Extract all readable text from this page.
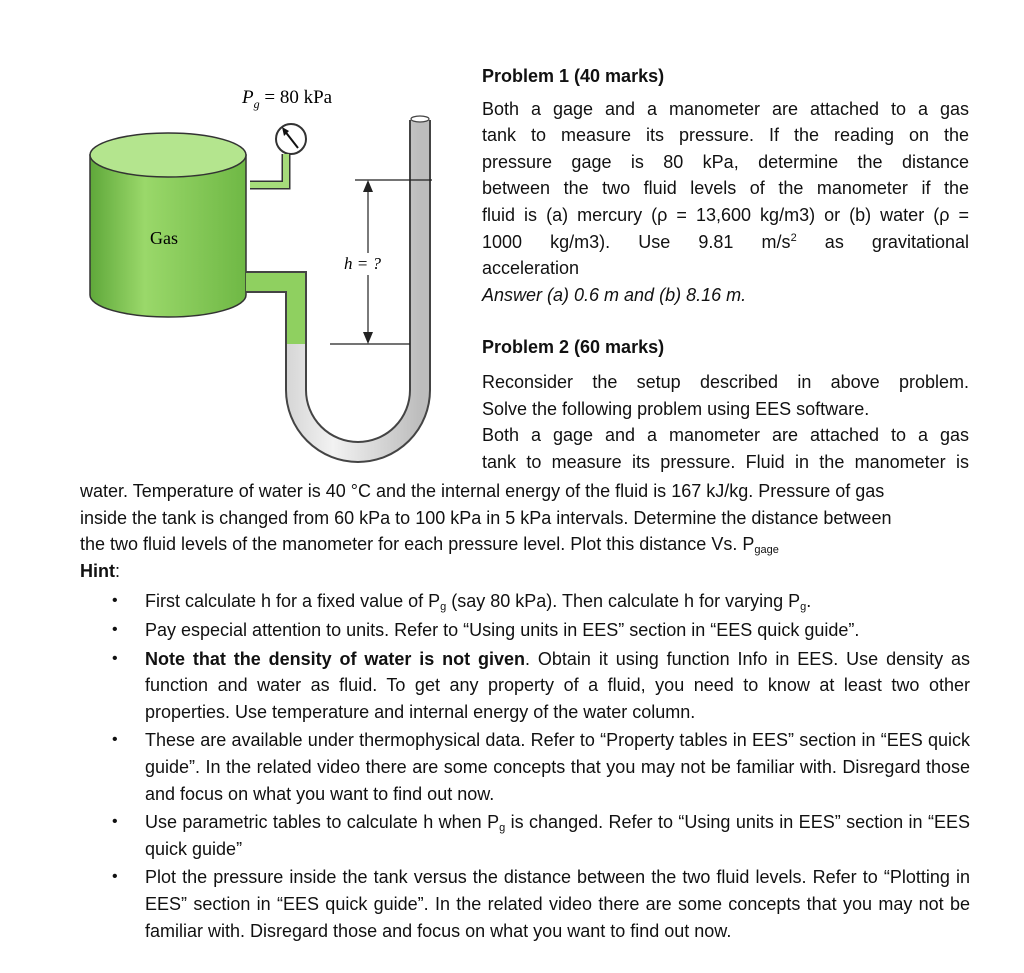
$P_g = 80$ kPa
Gas
h = ?

Problem 1 (40 marks)

Both a gage and a manometer are attached to a gas

tank to measure its pressure. If the reading on the

pressure gage is 80 kPa, determine the distance

between the two fluid levels of the manometer if the

fluid is (a) mercury (ρ = 13,600 kg/m3) or (b) water (ρ =

1000 kg/m3). Use 9.81 $m/s^2$ as gravitational

acceleration

Answer (a) 0.6 m and (b) 8.16 m.

Problem 2 (60 marks)

Reconsider the setup described in above problem.

Solve the following problem using EES software.

Both a gage and a manometer are attached to a gas

tank to measure its pressure. Fluid in the manometer is

water. Temperature of water is 40 °C and the internal energy of the fluid is 167 kJ/kg. Pressure of gas

inside the tank is changed from 60 kPa to 100 kPa in 5 kPa intervals. Determine the distance between

the two fluid levels of the manometer for each pressure level. Plot this distance Vs. $P_{gage}$

Hint:

• First calculate h for a fixed value of $P_g$ (say 80 kPa). Then calculate h for varying $P_g$.
• Pay especial attention to units. Refer to “Using units in EES” section in “EES quick guide”.
• Note that the density of water is not given. Obtain it using function Info in EES. Use density as function and water as fluid. To get any property of a fluid, you need to know at least two other properties. Use temperature and internal energy of the water column.
• These are available under thermophysical data. Refer to “Property tables in EES” section in “EES quick guide”. In the related video there are some concepts that you may not be familiar with. Disregard those and focus on what you want to find out now.
• Use parametric tables to calculate h when $P_g$ is changed. Refer to “Using units in EES” section in “EES quick guide”
• Plot the pressure inside the tank versus the distance between the two fluid levels. Refer to “Plotting in EES” section in “EES quick guide”. In the related video there are some concepts that you may not be familiar with. Disregard those and focus on what you want to find out now.
